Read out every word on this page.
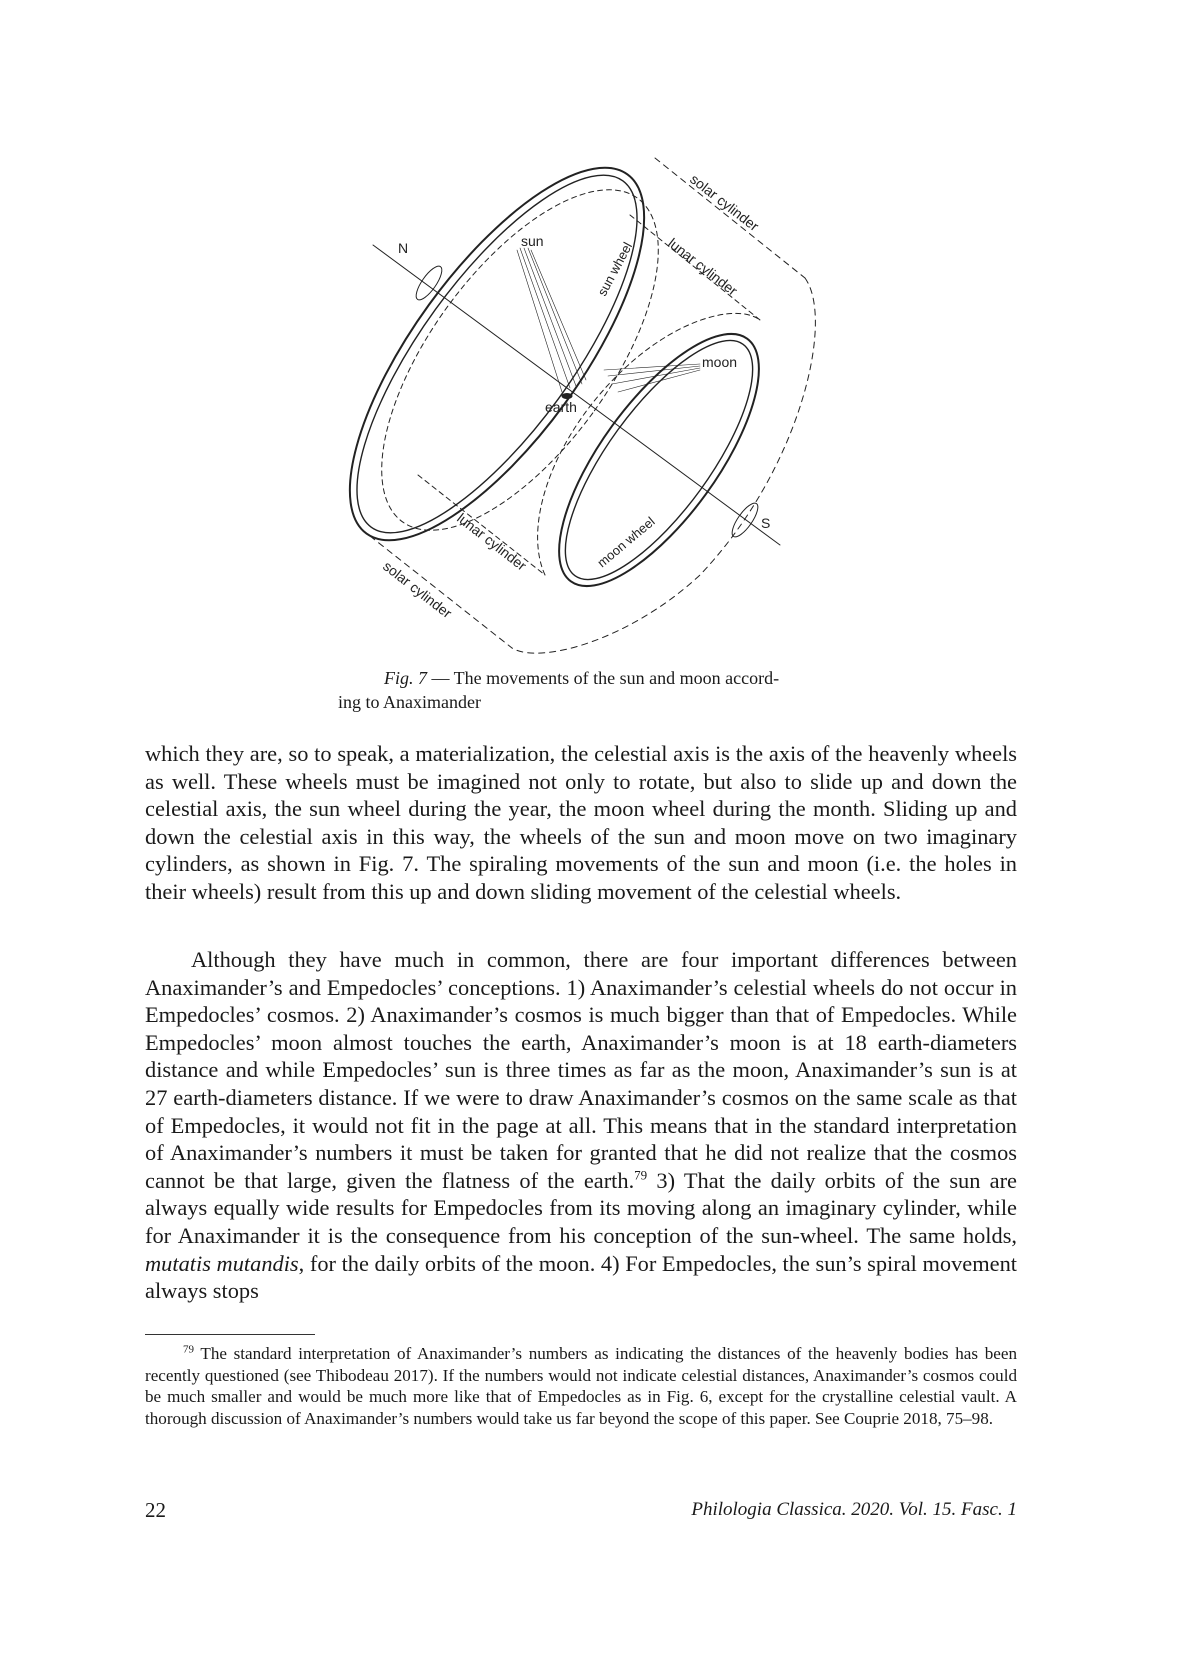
N
S
sun
moon
earth
sun wheel
moon wheel
solar cylinder
lunar cylinder
lunar cylinder
solar cylinder
Fig. 7 — The movements of the sun and moon accord-
ing to Anaximander

which they are, so to speak, a materialization, the celestial axis is the axis of the heavenly wheels as well. These wheels must be imagined not only to rotate, but also to slide up and down the celestial axis, the sun wheel during the year, the moon wheel during the month. Sliding up and down the celestial axis in this way, the wheels of the sun and moon move on two imaginary cylinders, as shown in Fig. 7. The spiraling movements of the sun and moon (i.e. the holes in their wheels) result from this up and down sliding movement of the celestial wheels.

Although they have much in common, there are four important differences between Anaximander’s and Empedocles’ conceptions. 1) Anaximander’s celestial wheels do not occur in Empedocles’ cosmos. 2) Anaximander’s cosmos is much bigger than that of Empedocles. While Empedocles’ moon almost touches the earth, Anaximander’s moon is at 18 earth-diameters distance and while Empedocles’ sun is three times as far as the moon, Anaximander’s sun is at 27 earth-diameters distance. If we were to draw Anaximander’s cosmos on the same scale as that of Empedocles, it would not fit in the page at all. This means that in the standard interpretation of Anaximander’s numbers it must be taken for granted that he did not realize that the cosmos cannot be that large, given the flatness of the earth.$^{79}$ 3) That the daily orbits of the sun are always equally wide results for Empedocles from its moving along an imaginary cylinder, while for Anaximander it is the consequence from his conception of the sun-wheel. The same holds, mutatis mutandis, for the daily orbits of the moon. 4) For Empedocles, the sun’s spiral movement always stops

$^{79}$ The standard interpretation of Anaximander’s numbers as indicating the distances of the heavenly bodies has been recently questioned (see Thibodeau 2017). If the numbers would not indicate celestial distances, Anaximander’s cosmos could be much smaller and would be much more like that of Empedocles as in Fig. 6, except for the crystalline celestial vault. A thorough discussion of Anaximander’s numbers would take us far beyond the scope of this paper. See Couprie 2018, 75–98.

22	Philologia Classica. 2020. Vol. 15. Fasc. 1
